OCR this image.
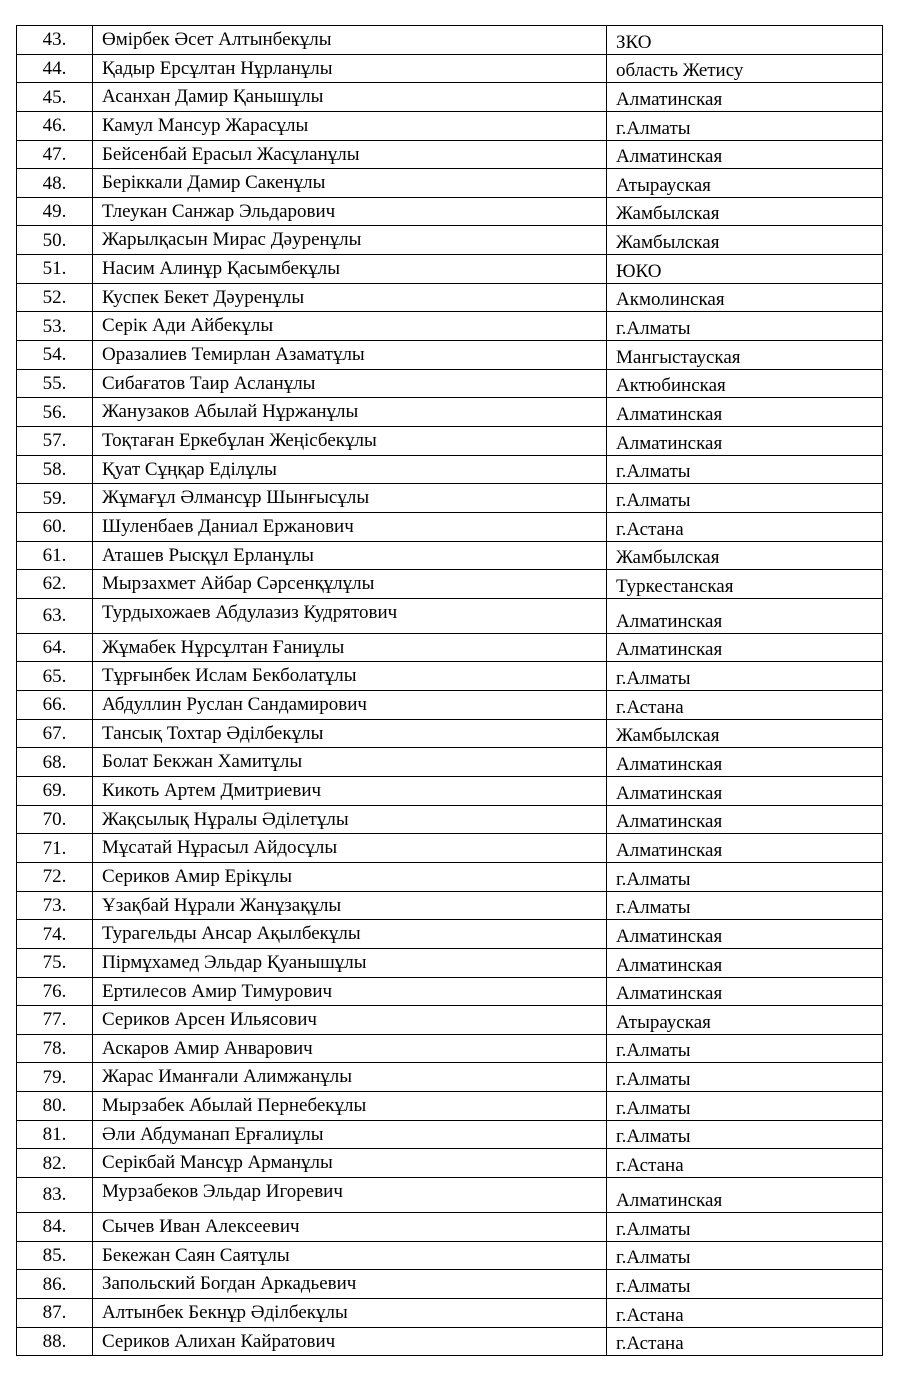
43.	Өмірбек Әсет Алтынбекұлы	ЗКО
44.	Қадыр Ерсұлтан Нұрланұлы	область Жетису
45.	Асанхан Дамир Қанышұлы	Алматинская
46.	Камул Мансур Жарасұлы	г.Алматы
47.	Бейсенбай Ерасыл Жасұланұлы	Алматинская
48.	Беріккали Дамир Сакенұлы	Атырауская
49.	Тлеукан Санжар Эльдарович	Жамбылская
50.	Жарылқасын Мирас Дәуренұлы	Жамбылская
51.	Насим Алинұр Қасымбекұлы	ЮКО
52.	Куспек Бекет Дәуренұлы	Акмолинская
53.	Серік Ади Айбекұлы	г.Алматы
54.	Оразалиев Темирлан Азаматұлы	Мангыстауская
55.	Сибағатов Таир Асланұлы	Актюбинская
56.	Жанузаков Абылай Нұржанұлы	Алматинская
57.	Тоқтаған Еркебұлан Жеңісбекұлы	Алматинская
58.	Қуат Сұңқар Еділұлы	г.Алматы
59.	Жұмағұл Әлмансұр Шынғысұлы	г.Алматы
60.	Шуленбаев Даниал Ержанович	г.Астана
61.	Аташев Рысқұл Ерланұлы	Жамбылская
62.	Мырзахмет Айбар Сәрсенқұлұлы	Туркестанская
63.	Турдыхожаев Абдулазиз Кудрятович	Алматинская
64.	Жұмабек Нұрсұлтан Ғаниұлы	Алматинская
65.	Тұрғынбек Ислам Бекболатұлы	г.Алматы
66.	Абдуллин Руслан Сандамирович	г.Астана
67.	Тансық Тохтар Әділбекұлы	Жамбылская
68.	Болат Бекжан Хамитұлы	Алматинская
69.	Кикоть Артем Дмитриевич	Алматинская
70.	Жақсылық Нұралы Әділетұлы	Алматинская
71.	Мұсатай Нұрасыл Айдосұлы	Алматинская
72.	Сериков Амир Ерікұлы	г.Алматы
73.	Ұзақбай Нұрали Жанұзақұлы	г.Алматы
74.	Турагельды Ансар Ақылбекұлы	Алматинская
75.	Пірмұхамед Эльдар Қуанышұлы	Алматинская
76.	Ертилесов Амир Тимурович	Алматинская
77.	Сериков Арсен Ильясович	Атырауская
78.	Аскаров Амир Анварович	г.Алматы
79.	Жарас Иманғали Алимжанұлы	г.Алматы
80.	Мырзабек Абылай Пернебекұлы	г.Алматы
81.	Әли Абдуманап Ерғалиұлы	г.Алматы
82.	Серікбай Мансұр Арманұлы	г.Астана
83.	Мурзабеков Эльдар Игоревич	Алматинская
84.	Сычев Иван Алексеевич	г.Алматы
85.	Бекежан Саян Саятұлы	г.Алматы
86.	Запольский Богдан Аркадьевич	г.Алматы
87.	Алтынбек Бекнұр Әділбекұлы	г.Астана
88.	Сериков Алихан Кайратович	г.Астана
